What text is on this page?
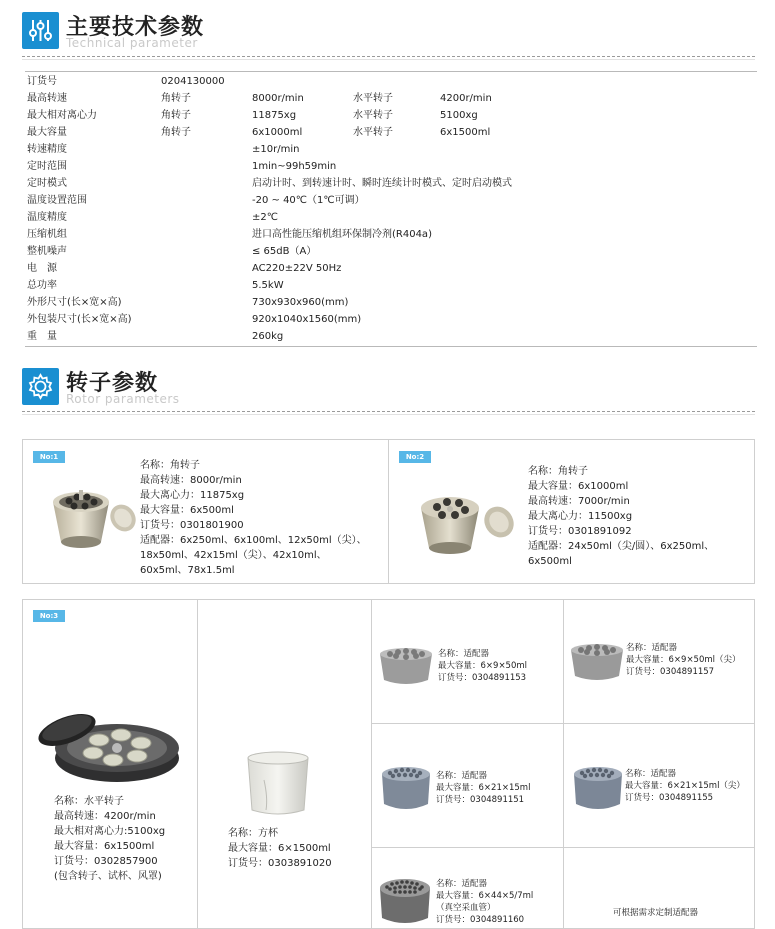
主要技术参数
Technical parameter
订货号	0204130000
最高转速	角转子	8000r/min	水平转子	4200r/min
最大相对离心力	角转子	11875xg	水平转子	5100xg
最大容量	角转子	6x1000ml	水平转子	6x1500ml
转速精度	±10r/min
定时范围	1min~99h59min
定时模式	启动计时、到转速计时、瞬时连续计时模式、定时启动模式
温度设置范围	-20 ~ 40℃（1℃可调）
温度精度	±2℃
压缩机组	进口高性能压缩机组环保制冷剂(R404a)
整机噪声	≤ 65dB（A）
电　源	AC220±22V 50Hz
总功率	5.5kW
外形尺寸(长×宽×高)	730x930x960(mm)
外包装尺寸(长×宽×高)	920x1040x1560(mm)
重　量	260kg
转子参数
Rotor parameters
No:1
名称：角转子
最高转速：8000r/min
最大离心力：11875xg
最大容量：6x500ml
订货号：0301801900
适配器：6x250ml、6x100ml、12x50ml（尖）、
18x50ml、42x15ml（尖）、42x10ml、
60x5ml、78x1.5ml
No:2
名称：角转子
最大容量：6x1000ml
最高转速：7000r/min
最大离心力：11500xg
订货号：0301891092
适配器：24x50ml（尖/圆）、6x250ml、
6x500ml
No:3
名称：水平转子
最高转速：4200r/min
最大相对离心力:5100xg
最大容量：6x1500ml
订货号：0302857900
(包含转子、试杯、风罩)
名称：方杯
最大容量：6×1500ml
订货号：0303891020
名称：适配器
最大容量：6×9×50ml
订货号：0304891153
名称：适配器
最大容量：6×9×50ml（尖）
订货号：0304891157
名称：适配器
最大容量：6×21×15ml
订货号：0304891151
名称：适配器
最大容量：6×21×15ml（尖）
订货号：0304891155
名称：适配器
最大容量：6×44×5/7ml
（真空采血管）
订货号：0304891160
可根据需求定制适配器
